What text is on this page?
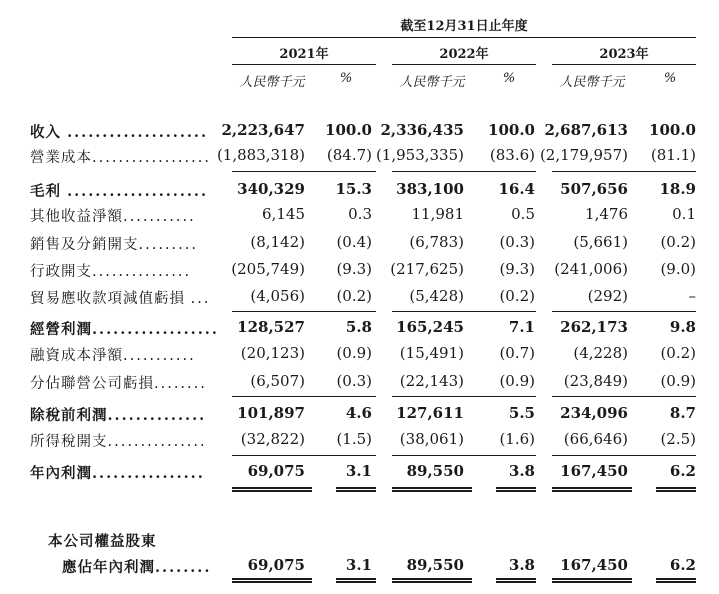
截至12月31日止年度
2021年	2022年	2023年
人民幣千元	%	人民幣千元	%	人民幣千元	%
收入 .................... 2,223,647 100.0 2,336,435 100.0 2,687,613 100.0
營業成本.................. (1,883,318) (84.7) (1,953,335) (83.6) (2,179,957) (81.1)
毛利 .................... 340,329 15.3 383,100 16.4 507,656 18.9
其他收益淨額...........	6,145	0.3	11,981	0.5	1,476	0.1
銷售及分銷開支.........	(8,142) (0.4) (6,783) (0.3)	(5,661) (0.2)
行政開支...............	(205,749) (9.3) (217,625) (9.3) (241,006) (9.0)
貿易應收款項減值虧損 ...	(4,056) (0.2) (5,428) (0.2)	(292)	–
經營利潤.................. 128,527	5.8 165,245	7.1 262,173	9.8
融資成本淨額...........	(20,123) (0.9) (15,491) (0.7)	(4,228) (0.2)
分佔聯營公司虧損........	(6,507) (0.3) (22,143) (0.9) (23,849) (0.9)
除稅前利潤.............. 101,897	4.6 127,611	5.5 234,096	8.7
所得稅開支............... (32,822) (1.5) (38,061) (1.6) (66,646) (2.5)
年內利潤................	69,075	3.1 89,550	3.8 167,450	6.2
本公司權益股東
應佔年內利潤........ 69,075	3.1 89,550	3.8 167,450	6.2
